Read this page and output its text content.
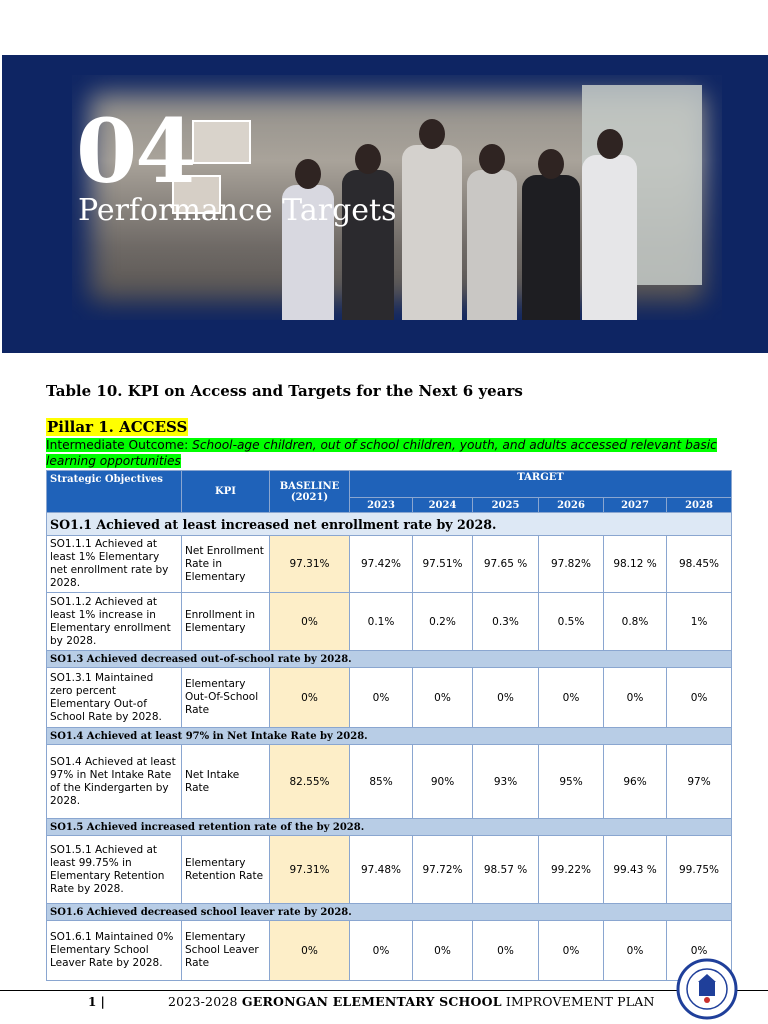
04
Performance Targets
Table 10. KPI on Access and Targets for the Next 6 years
Pillar 1. ACCESS
Intermediate Outcome: School-age children, out of school children, youth, and adults accessed relevant basic learning opportunities
Strategic Objectives	KPI	BASELINE (2021)	TARGET					
			2023	2024	2025	2026	2027	2028
SO1.1 Achieved at least increased net enrollment rate by 2028.								
SO1.1.1 Achieved at least 1% Elementary net enrollment rate by 2028.	Net Enrollment Rate in Elementary	97.31%	97.42%	97.51%	97.65 %	97.82%	98.12 %	98.45%
SO1.1.2 Achieved at least 1% increase in Elementary enrollment by 2028.	Enrollment in Elementary	0%	0.1%	0.2%	0.3%	0.5%	0.8%	1%
SO1.3 Achieved decreased out-of-school rate by 2028.								
SO1.3.1 Maintained zero percent Elementary Out-of School Rate by 2028.	Elementary Out-Of-School Rate	0%	0%	0%	0%	0%	0%	0%
SO1.4 Achieved at least 97% in Net Intake Rate by 2028.								
SO1.4 Achieved at least 97% in Net Intake Rate of the Kindergarten by 2028.	Net Intake Rate	82.55%	85%	90%	93%	95%	96%	97%
SO1.5 Achieved increased retention rate of the by 2028.								
SO1.5.1 Achieved at least 99.75% in Elementary Retention Rate by 2028.	Elementary Retention Rate	97.31%	97.48%	97.72%	98.57 %	99.22%	99.43 %	99.75%
SO1.6 Achieved decreased school leaver rate by 2028.								
SO1.6.1 Maintained 0% Elementary School Leaver Rate by 2028.	Elementary School Leaver Rate	0%	0%	0%	0%	0%	0%	0%
1 |	2023-2028 GERONGAN ELEMENTARY SCHOOL IMPROVEMENT PLAN
